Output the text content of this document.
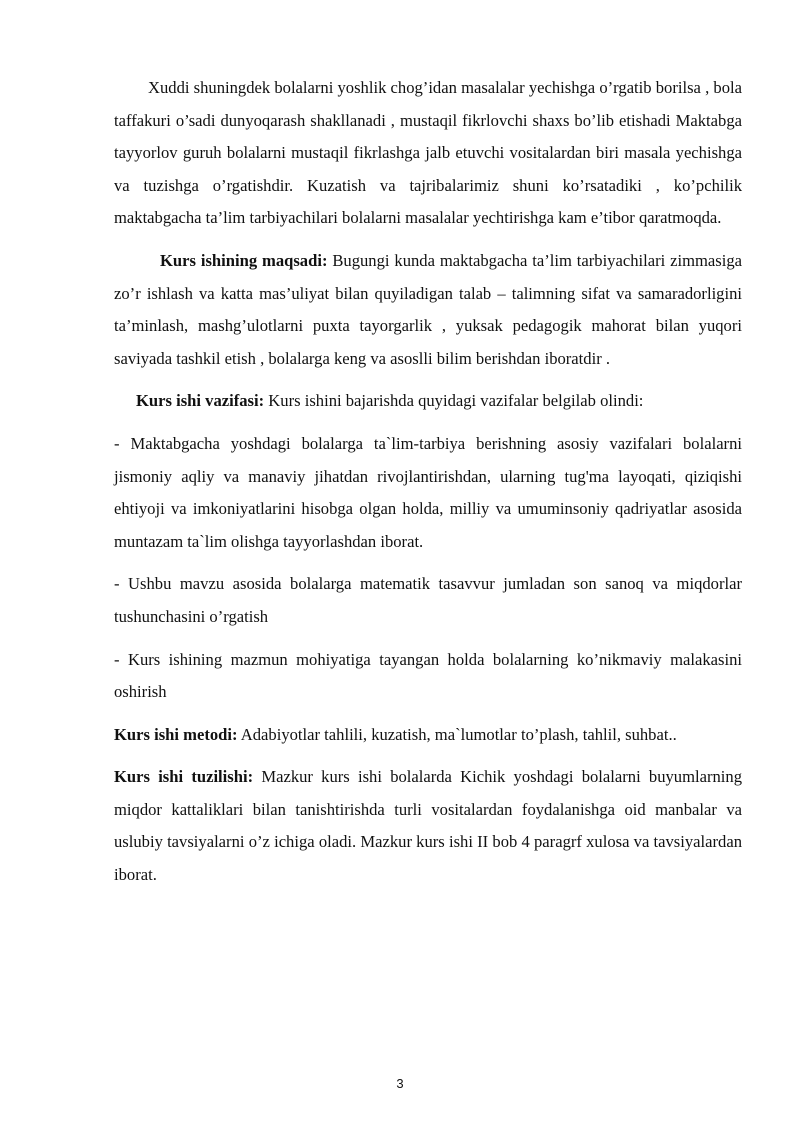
Xuddi shuningdek bolalarni yoshlik chog’idan masalalar yechishga o’rgatib borilsa , bola taffakuri o’sadi dunyoqarash shakllanadi , mustaqil fikrlovchi shaxs bo’lib etishadi Maktabga tayyorlov guruh bolalarni mustaqil fikrlashga jalb etuvchi vositalardan biri masala yechishga va tuzishga o’rgatishdir. Kuzatish va tajribalarimiz shuni ko’rsatadiki , ko’pchilik maktabgacha ta’lim tarbiyachilari bolalarni masalalar yechtirishga kam e’tibor qaratmoqda.

Kurs ishining maqsadi: Bugungi kunda maktabgacha ta’lim tarbiyachilari zimmasiga zo’r ishlash va katta mas’uliyat bilan quyiladigan talab – talimning sifat va samaradorligini ta’minlash, mashg’ulotlarni puxta tayorgarlik , yuksak pedagogik mahorat bilan yuqori saviyada tashkil etish , bolalarga keng va asoslli bilim berishdan iboratdir .

Kurs ishi vazifasi: Kurs ishini bajarishda quyidagi vazifalar belgilab olindi:

- Maktabgacha yoshdagi bolalarga ta`lim-tarbiya berishning asosiy vazifalari bolalarni jismoniy aqliy va manaviy jihatdan rivojlantirishdan, ularning tug'ma layoqati, qiziqishi ehtiyoji va imkoniyatlarini hisobga olgan holda, milliy va umuminsoniy qadriyatlar asosida muntazam ta`lim olishga tayyorlashdan iborat.

- Ushbu mavzu asosida bolalarga matematik tasavvur jumladan son sanoq va miqdorlar tushunchasini o’rgatish

- Kurs ishining mazmun mohiyatiga tayangan holda bolalarning ko’nikmaviy malakasini oshirish

Kurs ishi metodi: Adabiyotlar tahlili, kuzatish, ma`lumotlar to’plash, tahlil, suhbat..

Kurs ishi tuzilishi: Mazkur kurs ishi bolalarda Kichik yoshdagi bolalarni buyumlarning miqdor kattaliklari bilan tanishtirishda turli vositalardan foydalanishga oid manbalar va uslubiy tavsiyalarni o’z ichiga oladi. Mazkur kurs ishi II bob 4 paragrf xulosa va tavsiyalardan iborat.

3
